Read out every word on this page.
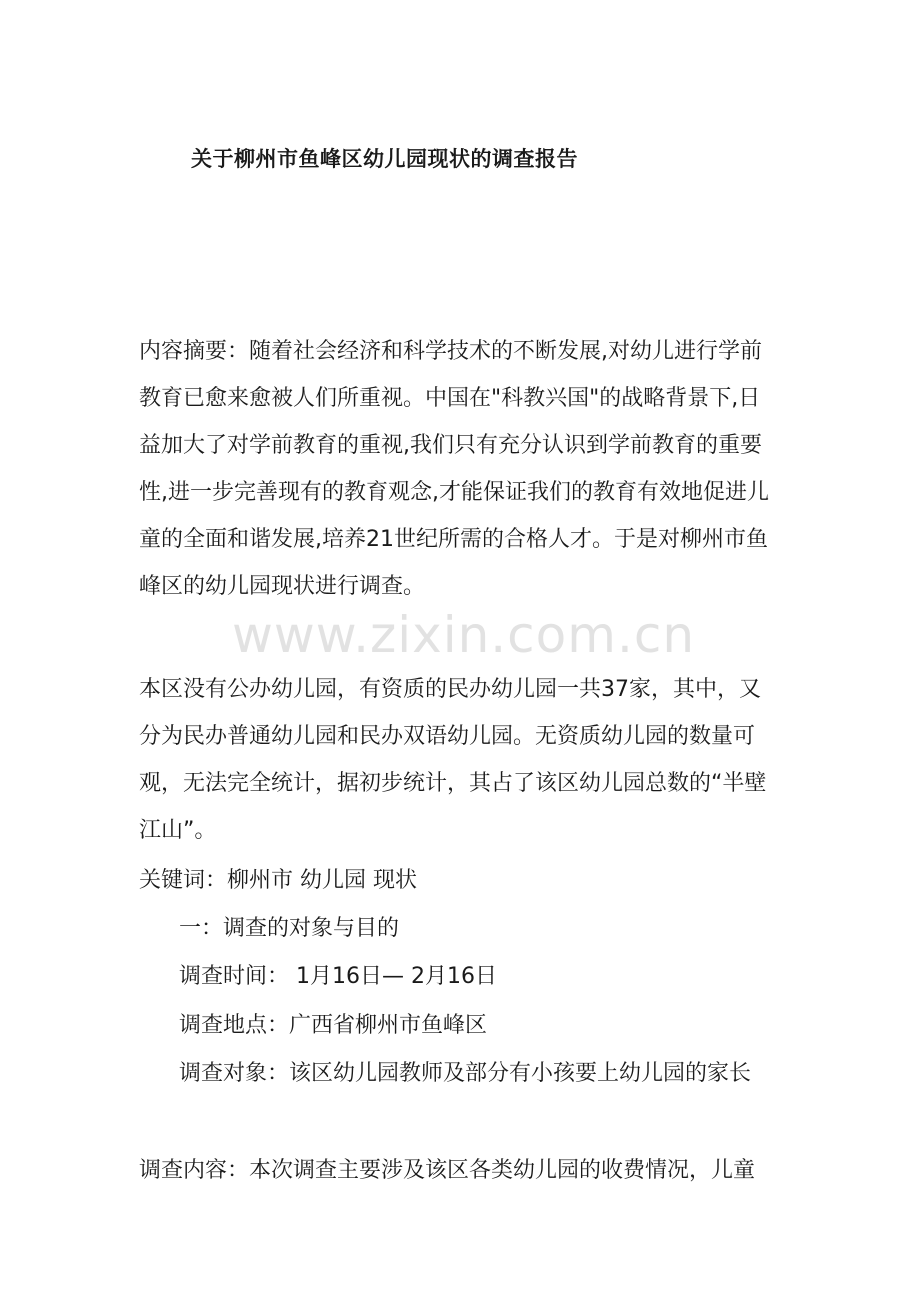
关于柳州市鱼峰区幼儿园现状的调查报告
内容摘要：随着社会经济和科学技术的不断发展,对幼儿进行学前
教育已愈来愈被人们所重视。中国在"科教兴国"的战略背景下,日
益加大了对学前教育的重视,我们只有充分认识到学前教育的重要
性,进一步完善现有的教育观念,才能保证我们的教育有效地促进儿
童的全面和谐发展,培养21世纪所需的合格人才。于是对柳州市鱼
峰区的幼儿园现状进行调查。
www.zixin.com.cn
本区没有公办幼儿园，有资质的民办幼儿园一共37家，其中，又
分为民办普通幼儿园和民办双语幼儿园。无资质幼儿园的数量可
观，无法完全统计，据初步统计，其占了该区幼儿园总数的“半壁
江山”。
关键词：柳州市 幼儿园 现状
一：调查的对象与目的
调查时间： 1月16日— 2月16日
调查地点：广西省柳州市鱼峰区
调查对象：该区幼儿园教师及部分有小孩要上幼儿园的家长
调查内容：本次调查主要涉及该区各类幼儿园的收费情况，儿童
